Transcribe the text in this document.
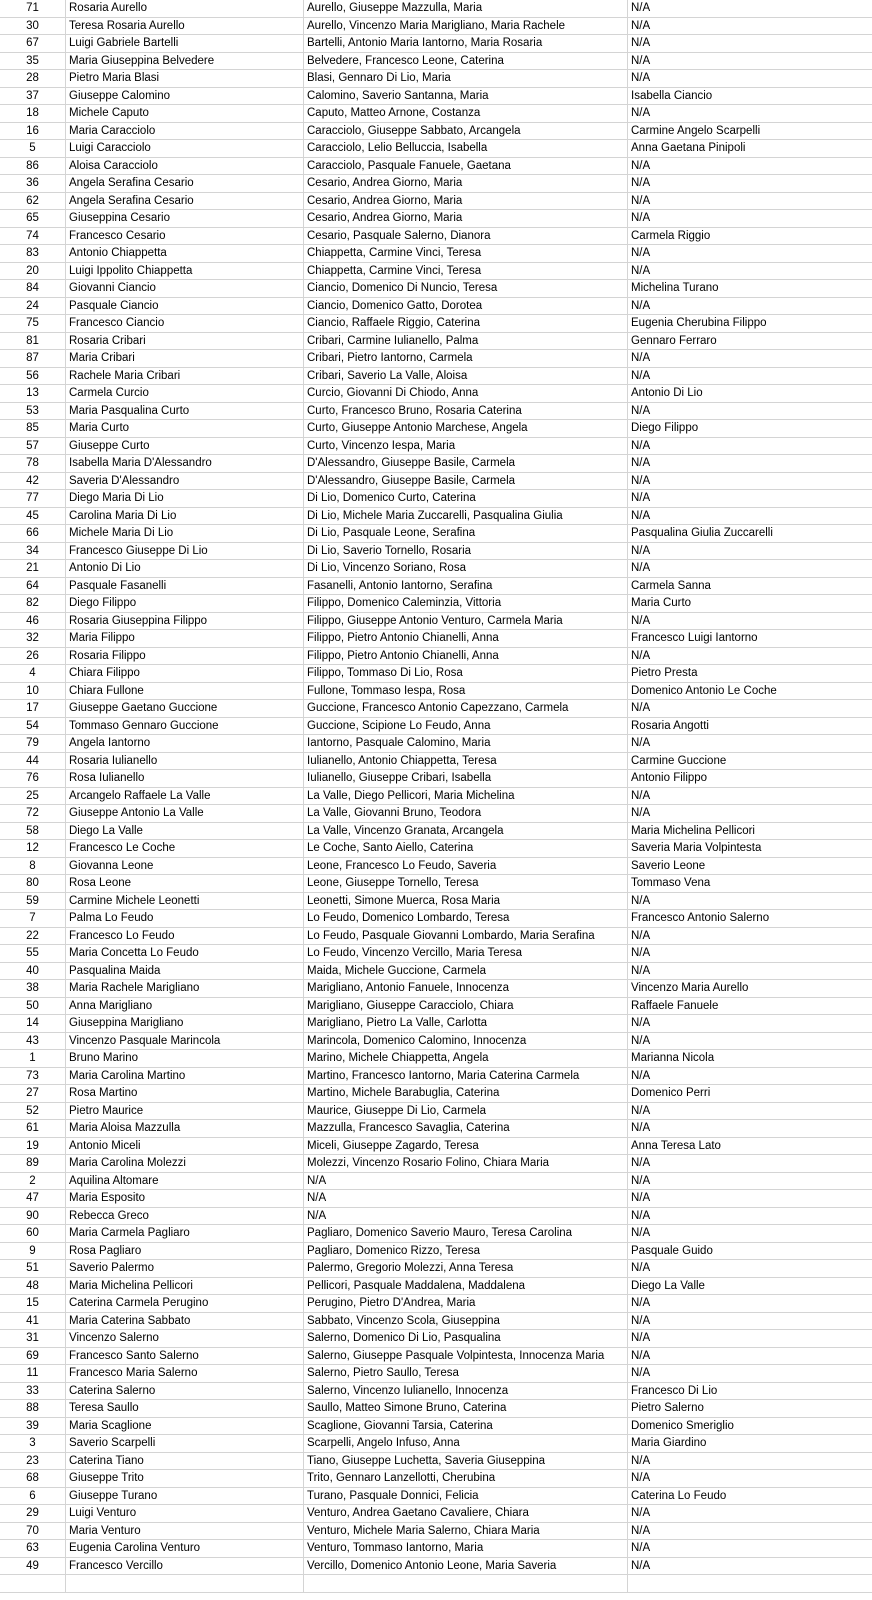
71	Rosaria Aurello	Aurello, Giuseppe Mazzulla, Maria	N/A
30	Teresa Rosaria Aurello	Aurello, Vincenzo Maria Marigliano, Maria Rachele	N/A
67	Luigi Gabriele Bartelli	Bartelli, Antonio Maria Iantorno, Maria Rosaria	N/A
35	Maria Giuseppina Belvedere	Belvedere, Francesco Leone, Caterina	N/A
28	Pietro Maria Blasi	Blasi, Gennaro Di Lio, Maria	N/A
37	Giuseppe Calomino	Calomino, Saverio Santanna, Maria	Isabella Ciancio
18	Michele Caputo	Caputo, Matteo Arnone, Costanza	N/A
16	Maria Caracciolo	Caracciolo, Giuseppe Sabbato, Arcangela	Carmine Angelo Scarpelli
5	Luigi Caracciolo	Caracciolo, Lelio Belluccia, Isabella	Anna Gaetana Pinipoli
86	Aloisa Caracciolo	Caracciolo, Pasquale Fanuele, Gaetana	N/A
36	Angela Serafina Cesario	Cesario, Andrea Giorno, Maria	N/A
62	Angela Serafina Cesario	Cesario, Andrea Giorno, Maria	N/A
65	Giuseppina Cesario	Cesario, Andrea Giorno, Maria	N/A
74	Francesco Cesario	Cesario, Pasquale Salerno, Dianora	Carmela Riggio
83	Antonio Chiappetta	Chiappetta, Carmine Vinci, Teresa	N/A
20	Luigi Ippolito Chiappetta	Chiappetta, Carmine Vinci, Teresa	N/A
84	Giovanni Ciancio	Ciancio, Domenico Di Nuncio, Teresa	Michelina Turano
24	Pasquale Ciancio	Ciancio, Domenico Gatto, Dorotea	N/A
75	Francesco Ciancio	Ciancio, Raffaele Riggio, Caterina	Eugenia Cherubina Filippo
81	Rosaria Cribari	Cribari, Carmine Iulianello, Palma	Gennaro Ferraro
87	Maria Cribari	Cribari, Pietro Iantorno, Carmela	N/A
56	Rachele Maria Cribari	Cribari, Saverio La Valle, Aloisa	N/A
13	Carmela Curcio	Curcio, Giovanni Di Chiodo, Anna	Antonio Di Lio
53	Maria Pasqualina Curto	Curto, Francesco Bruno, Rosaria Caterina	N/A
85	Maria Curto	Curto, Giuseppe Antonio Marchese, Angela	Diego Filippo
57	Giuseppe Curto	Curto, Vincenzo Iespa, Maria	N/A
78	Isabella Maria D'Alessandro	D'Alessandro, Giuseppe Basile, Carmela	N/A
42	Saveria D'Alessandro	D'Alessandro, Giuseppe Basile, Carmela	N/A
77	Diego Maria Di Lio	Di Lio, Domenico Curto, Caterina	N/A
45	Carolina Maria Di Lio	Di Lio, Michele Maria Zuccarelli, Pasqualina Giulia	N/A
66	Michele Maria Di Lio	Di Lio, Pasquale Leone, Serafina	Pasqualina Giulia Zuccarelli
34	Francesco Giuseppe Di Lio	Di Lio, Saverio Tornello, Rosaria	N/A
21	Antonio Di Lio	Di Lio, Vincenzo Soriano, Rosa	N/A
64	Pasquale Fasanelli	Fasanelli, Antonio Iantorno, Serafina	Carmela Sanna
82	Diego Filippo	Filippo, Domenico Caleminzia, Vittoria	Maria Curto
46	Rosaria Giuseppina Filippo	Filippo, Giuseppe Antonio Venturo, Carmela Maria	N/A
32	Maria Filippo	Filippo, Pietro Antonio Chianelli, Anna	Francesco Luigi Iantorno
26	Rosaria Filippo	Filippo, Pietro Antonio Chianelli, Anna	N/A
4	Chiara Filippo	Filippo, Tommaso Di Lio, Rosa	Pietro Presta
10	Chiara Fullone	Fullone, Tommaso Iespa, Rosa	Domenico Antonio Le Coche
17	Giuseppe Gaetano Guccione	Guccione, Francesco Antonio Capezzano, Carmela	N/A
54	Tommaso Gennaro Guccione	Guccione, Scipione Lo Feudo, Anna	Rosaria Angotti
79	Angela Iantorno	Iantorno, Pasquale Calomino, Maria	N/A
44	Rosaria Iulianello	Iulianello, Antonio Chiappetta, Teresa	Carmine Guccione
76	Rosa Iulianello	Iulianello, Giuseppe Cribari, Isabella	Antonio Filippo
25	Arcangelo Raffaele La Valle	La Valle, Diego Pellicori, Maria Michelina	N/A
72	Giuseppe Antonio La Valle	La Valle, Giovanni Bruno, Teodora	N/A
58	Diego La Valle	La Valle, Vincenzo Granata, Arcangela	Maria Michelina Pellicori
12	Francesco Le Coche	Le Coche, Santo Aiello, Caterina	Saveria Maria Volpintesta
8	Giovanna Leone	Leone, Francesco Lo Feudo, Saveria	Saverio Leone
80	Rosa Leone	Leone, Giuseppe Tornello, Teresa	Tommaso Vena
59	Carmine Michele Leonetti	Leonetti, Simone Muerca, Rosa Maria	N/A
7	Palma Lo Feudo	Lo Feudo, Domenico Lombardo, Teresa	Francesco Antonio Salerno
22	Francesco Lo Feudo	Lo Feudo, Pasquale Giovanni Lombardo, Maria Serafina	N/A
55	Maria Concetta Lo Feudo	Lo Feudo, Vincenzo Vercillo, Maria Teresa	N/A
40	Pasqualina Maida	Maida, Michele Guccione, Carmela	N/A
38	Maria Rachele Marigliano	Marigliano, Antonio Fanuele, Innocenza	Vincenzo Maria Aurello
50	Anna Marigliano	Marigliano, Giuseppe Caracciolo, Chiara	Raffaele Fanuele
14	Giuseppina Marigliano	Marigliano, Pietro La Valle, Carlotta	N/A
43	Vincenzo Pasquale Marincola	Marincola, Domenico Calomino, Innocenza	N/A
1	Bruno Marino	Marino, Michele Chiappetta, Angela	Marianna Nicola
73	Maria Carolina Martino	Martino, Francesco Iantorno, Maria Caterina Carmela	N/A
27	Rosa Martino	Martino, Michele Barabuglia, Caterina	Domenico Perri
52	Pietro Maurice	Maurice, Giuseppe Di Lio, Carmela	N/A
61	Maria Aloisa Mazzulla	Mazzulla, Francesco Savaglia, Caterina	N/A
19	Antonio Miceli	Miceli, Giuseppe Zagardo, Teresa	Anna Teresa Lato
89	Maria Carolina Molezzi	Molezzi, Vincenzo Rosario Folino, Chiara Maria	N/A
2	Aquilina Altomare	N/A	N/A
47	Maria Esposito	N/A	N/A
90	Rebecca Greco	N/A	N/A
60	Maria Carmela Pagliaro	Pagliaro, Domenico Saverio Mauro, Teresa Carolina	N/A
9	Rosa Pagliaro	Pagliaro, Domenico Rizzo, Teresa	Pasquale Guido
51	Saverio Palermo	Palermo, Gregorio Molezzi, Anna Teresa	N/A
48	Maria Michelina Pellicori	Pellicori, Pasquale Maddalena, Maddalena	Diego La Valle
15	Caterina Carmela Perugino	Perugino, Pietro D'Andrea, Maria	N/A
41	Maria Caterina Sabbato	Sabbato, Vincenzo Scola, Giuseppina	N/A
31	Vincenzo Salerno	Salerno, Domenico Di Lio, Pasqualina	N/A
69	Francesco Santo Salerno	Salerno, Giuseppe Pasquale Volpintesta, Innocenza Maria	N/A
11	Francesco Maria Salerno	Salerno, Pietro Saullo, Teresa	N/A
33	Caterina Salerno	Salerno, Vincenzo Iulianello, Innocenza	Francesco Di Lio
88	Teresa Saullo	Saullo, Matteo Simone Bruno, Caterina	Pietro Salerno
39	Maria Scaglione	Scaglione, Giovanni Tarsia, Caterina	Domenico Smeriglio
3	Saverio Scarpelli	Scarpelli, Angelo Infuso, Anna	Maria Giardino
23	Caterina Tiano	Tiano, Giuseppe Luchetta, Saveria Giuseppina	N/A
68	Giuseppe Trito	Trito, Gennaro Lanzellotti, Cherubina	N/A
6	Giuseppe Turano	Turano, Pasquale Donnici, Felicia	Caterina Lo Feudo
29	Luigi Venturo	Venturo, Andrea Gaetano Cavaliere, Chiara	N/A
70	Maria Venturo	Venturo, Michele Maria Salerno, Chiara Maria	N/A
63	Eugenia Carolina Venturo	Venturo, Tommaso Iantorno, Maria	N/A
49	Francesco Vercillo	Vercillo, Domenico Antonio Leone, Maria Saveria	N/A
